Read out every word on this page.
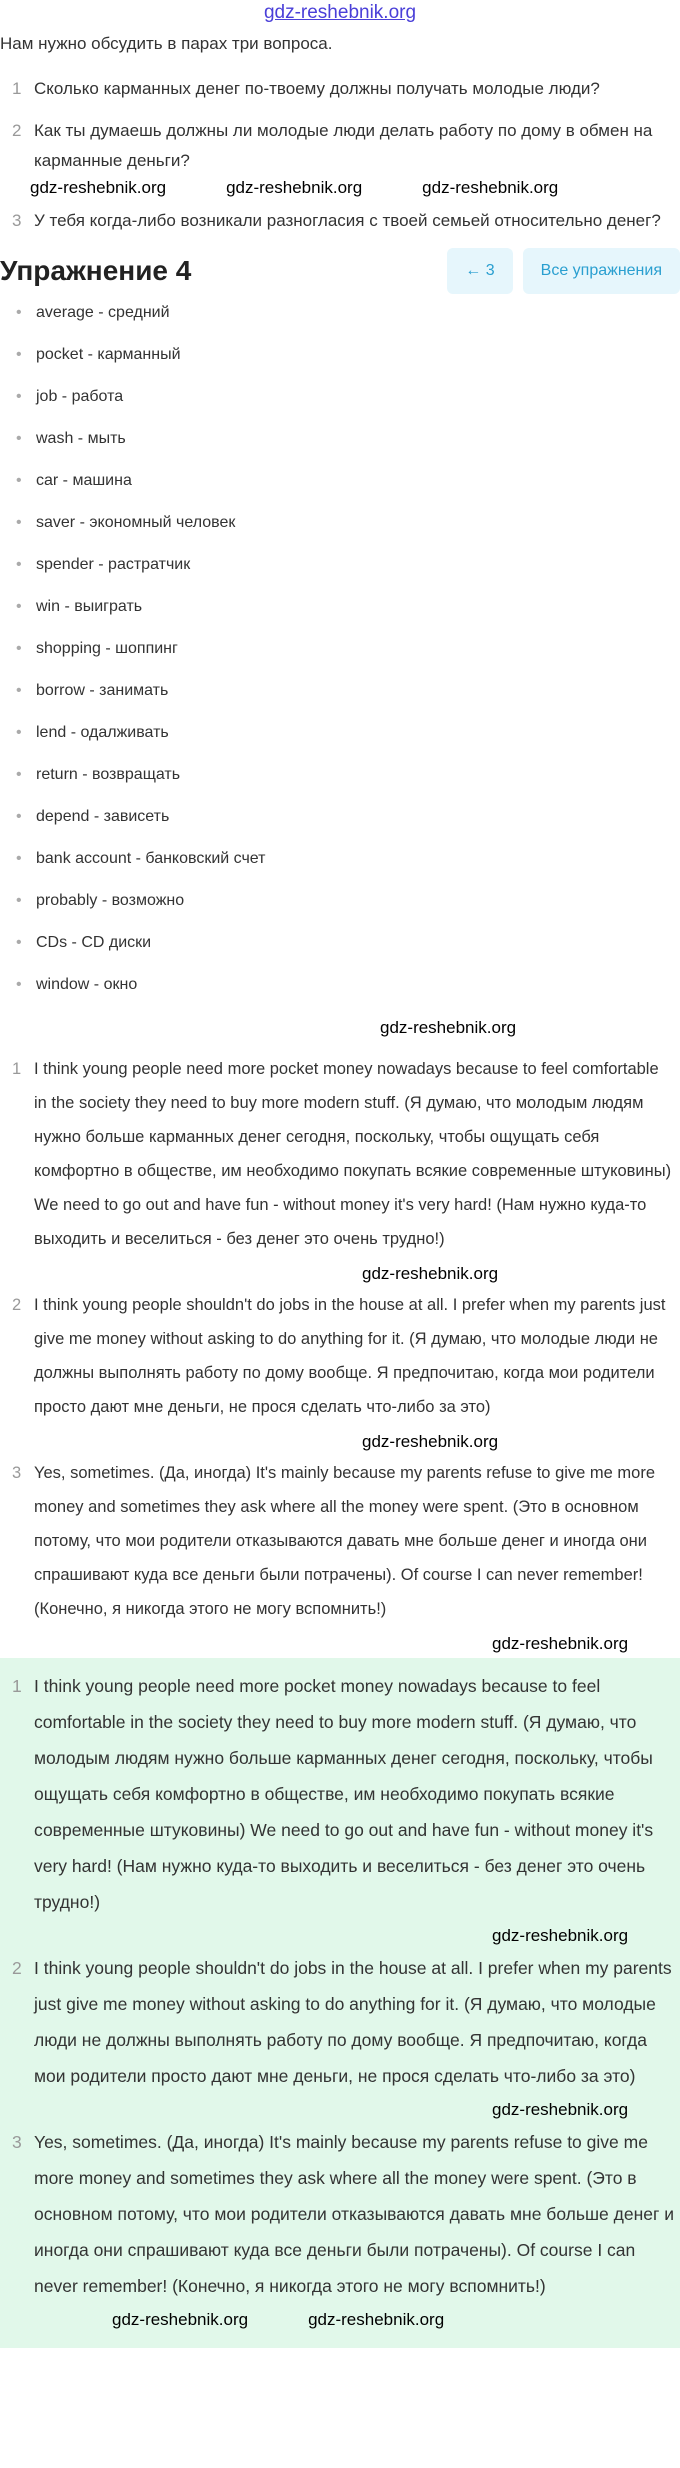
gdz-reshebnik.org
Нам нужно обсудить в парах три вопроса.
1 Сколько карманных денег по-твоему должны получать молодые люди?
2 Как ты думаешь должны ли молодые люди делать работу по дому в обмен на карманные деньги?
gdz-reshebnik.org	gdz-reshebnik.org	gdz-reshebnik.org
3 У тебя когда-либо возникали разногласия с твоей семьей относительно денег?
Упражнение 4	← 3	Все упражнения
• average - средний
• pocket - карманный
• job - работа
• wash - мыть
• car - машина
• saver - экономный человек
• spender - растратчик
• win - выиграть
• shopping - шоппинг
• borrow - занимать
• lend - одалживать
• return - возвращать
• depend - зависеть
• bank account - банковский счет
• probably - возможно
• CDs - CD диски
• window - окно
gdz-reshebnik.org
1 I think young people need more pocket money nowadays because to feel comfortable in the society they need to buy more modern stuff. (Я думаю, что молодым людям нужно больше карманных денег сегодня, поскольку, чтобы ощущать себя комфортно в обществе, им необходимо покупать всякие современные штуковины) We need to go out and have fun - without money it's very hard! (Нам нужно куда-то выходить и веселиться - без денег это очень трудно!)

gdz-reshebnik.org
2 I think young people shouldn't do jobs in the house at all. I prefer when my parents just give me money without asking to do anything for it. (Я думаю, что молодые люди не должны выполнять работу по дому вообще. Я предпочитаю, когда мои родители просто дают мне деньги, не прося сделать что-либо за это)

gdz-reshebnik.org
3 Yes, sometimes. (Да, иногда) It's mainly because my parents refuse to give me more money and sometimes they ask where all the money were spent. (Это в основном потому, что мои родители отказываются давать мне больше денег и иногда они спрашивают куда все деньги были потрачены). Of course I can never remember! (Конечно, я никогда этого не могу вспомнить!)

gdz-reshebnik.org
1 I think young people need more pocket money nowadays because to feel comfortable in the society they need to buy more modern stuff. (Я думаю, что молодым людям нужно больше карманных денег сегодня, поскольку, чтобы ощущать себя комфортно в обществе, им необходимо покупать всякие современные штуковины) We need to go out and have fun - without money it's very hard! (Нам нужно куда-то выходить и веселиться - без денег это очень трудно!)

gdz-reshebnik.org
2 I think young people shouldn't do jobs in the house at all. I prefer when my parents just give me money without asking to do anything for it. (Я думаю, что молодые люди не должны выполнять работу по дому вообще. Я предпочитаю, когда мои родители просто дают мне деньги, не прося сделать что-либо за это)

gdz-reshebnik.org
3 Yes, sometimes. (Да, иногда) It's mainly because my parents refuse to give me more money and sometimes they ask where all the money were spent. (Это в основном потому, что мои родители отказываются давать мне больше денег и иногда они спрашивают куда все деньги были потрачены). Of course I can never remember! (Конечно, я никогда этого не могу вспомнить!)

gdz-reshebnik.org	gdz-reshebnik.org
